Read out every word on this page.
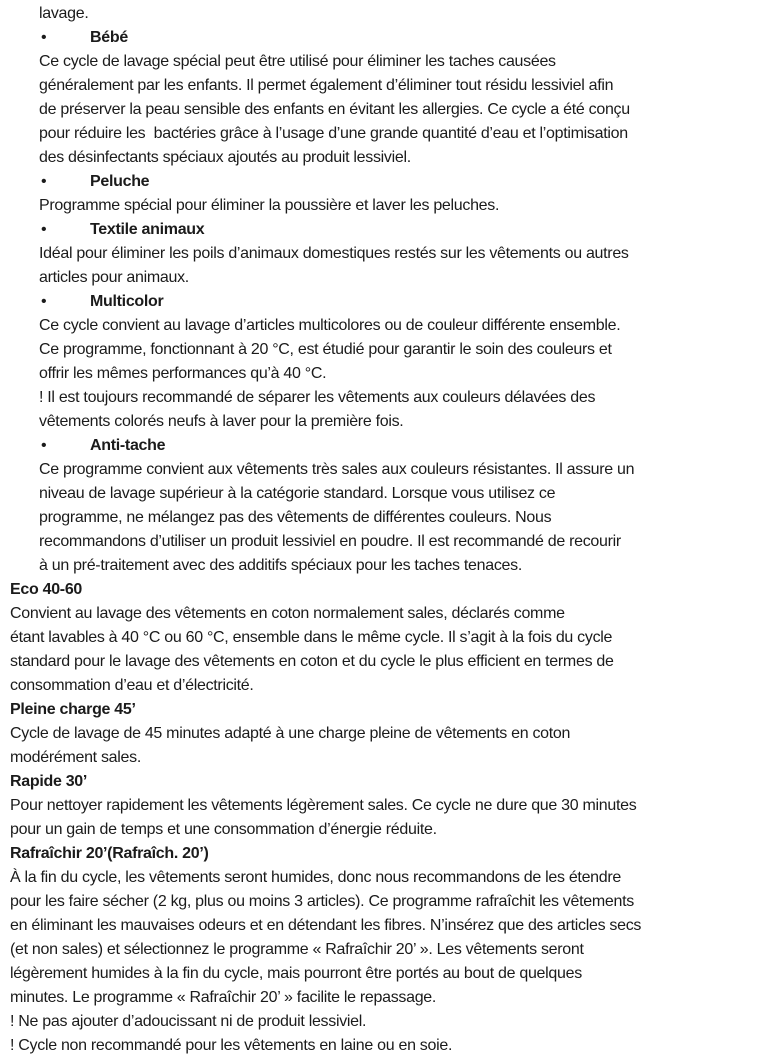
lavage.
•	Bébé
Ce cycle de lavage spécial peut être utilisé pour éliminer les taches causées
généralement par les enfants. Il permet également d’éliminer tout résidu lessiviel afin
de préserver la peau sensible des enfants en évitant les allergies. Ce cycle a été conçu
pour réduire les  bactéries grâce à l’usage d’une grande quantité d’eau et l’optimisation
des désinfectants spéciaux ajoutés au produit lessiviel.
•	Peluche
Programme spécial pour éliminer la poussière et laver les peluches.
•	Textile animaux
Idéal pour éliminer les poils d’animaux domestiques restés sur les vêtements ou autres
articles pour animaux.
•	Multicolor
Ce cycle convient au lavage d’articles multicolores ou de couleur différente ensemble.
Ce programme, fonctionnant à 20 °C, est étudié pour garantir le soin des couleurs et
offrir les mêmes performances qu’à 40 °C.
! Il est toujours recommandé de séparer les vêtements aux couleurs délavées des
vêtements colorés neufs à laver pour la première fois.
•	Anti-tache
Ce programme convient aux vêtements très sales aux couleurs résistantes. Il assure un
niveau de lavage supérieur à la catégorie standard. Lorsque vous utilisez ce
programme, ne mélangez pas des vêtements de différentes couleurs. Nous
recommandons d’utiliser un produit lessiviel en poudre. Il est recommandé de recourir
à un pré-traitement avec des additifs spéciaux pour les taches tenaces.
Eco 40-60
Convient au lavage des vêtements en coton normalement sales, déclarés comme
étant lavables à 40 °C ou 60 °C, ensemble dans le même cycle. Il s’agit à la fois du cycle
standard pour le lavage des vêtements en coton et du cycle le plus efficient en termes de
consommation d’eau et d’électricité.
Pleine charge 45’
Cycle de lavage de 45 minutes adapté à une charge pleine de vêtements en coton
modérément sales.
Rapide 30’
Pour nettoyer rapidement les vêtements légèrement sales. Ce cycle ne dure que 30 minutes
pour un gain de temps et une consommation d’énergie réduite.
Rafraîchir 20’(Rafraîch. 20’)
À la fin du cycle, les vêtements seront humides, donc nous recommandons de les étendre
pour les faire sécher (2 kg, plus ou moins 3 articles). Ce programme rafraîchit les vêtements
en éliminant les mauvaises odeurs et en détendant les fibres. N’insérez que des articles secs
(et non sales) et sélectionnez le programme « Rafraîchir 20’ ». Les vêtements seront
légèrement humides à la fin du cycle, mais pourront être portés au bout de quelques
minutes. Le programme « Rafraîchir 20’ » facilite le repassage.
! Ne pas ajouter d’adoucissant ni de produit lessiviel.
! Cycle non recommandé pour les vêtements en laine ou en soie.
